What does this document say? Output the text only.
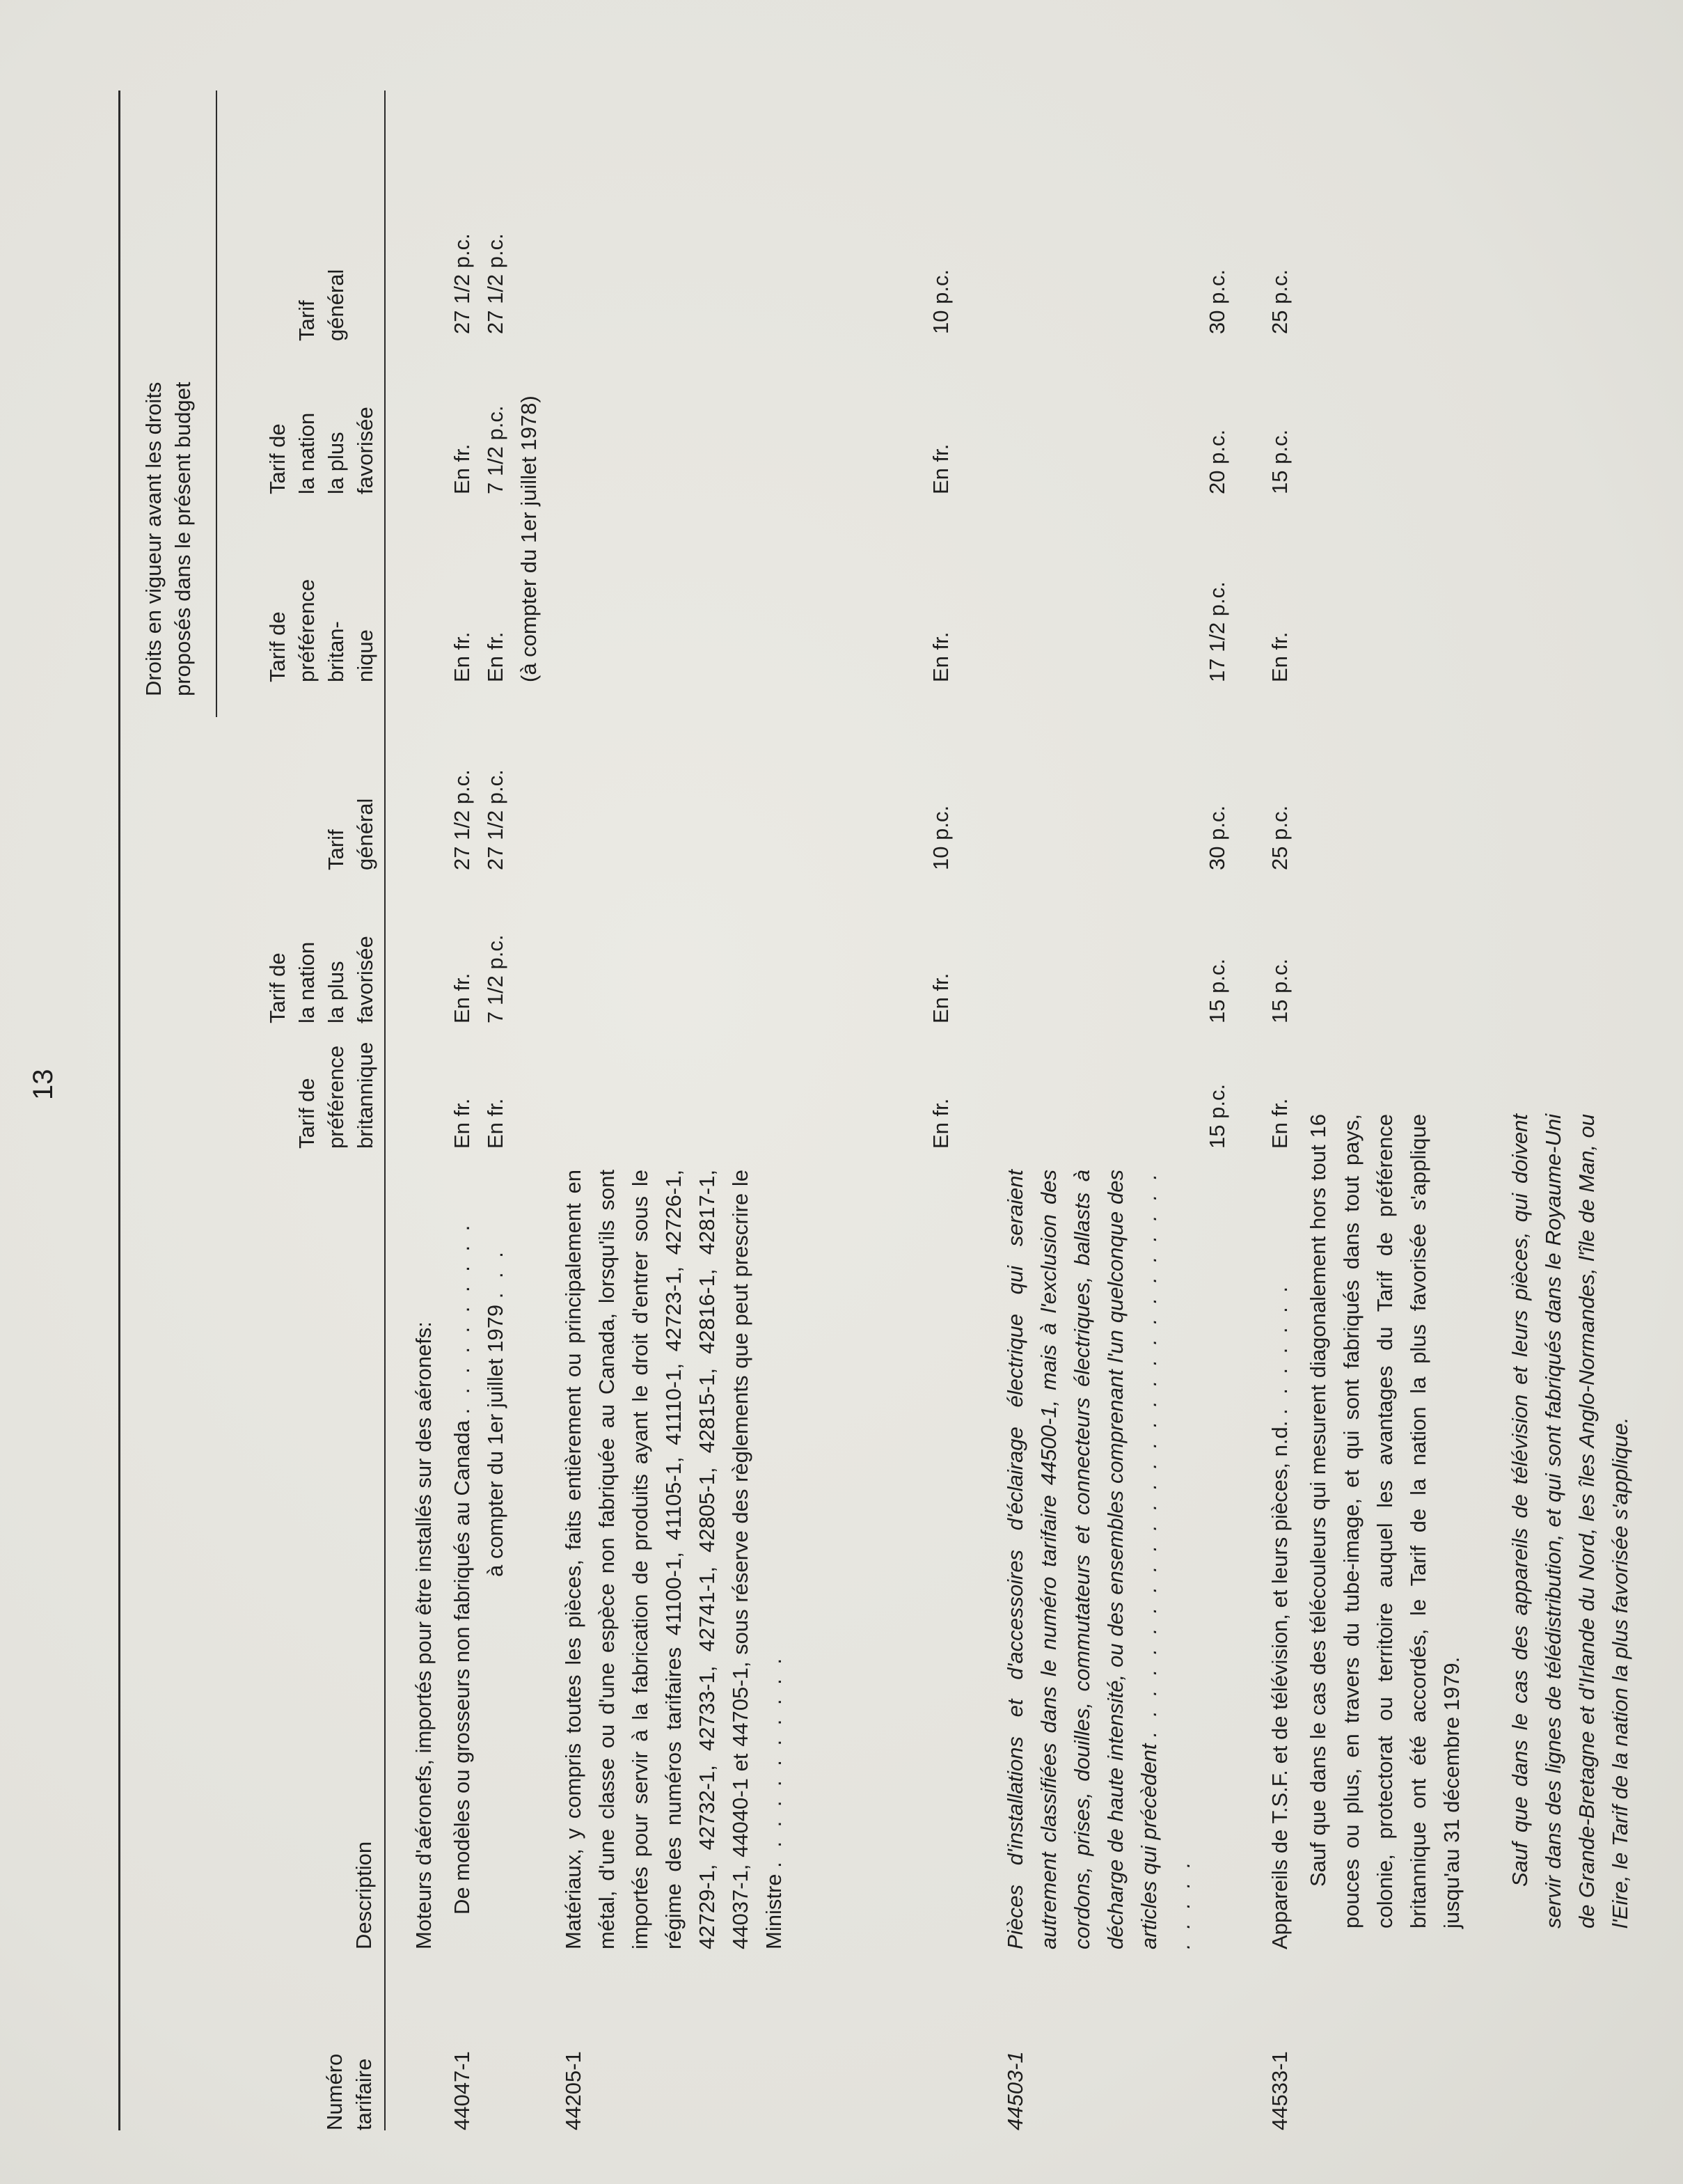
13
Droits en vigueur avant les droits proposés dans le présent budget
Numéro tarifaire
Description
Tarif de préférence britannique
Tarif de la nation la plus favorisée
Tarif général
Tarif de préférence britan- nique
Tarif de la nation la plus favorisée
Tarif général
Moteurs d'aéronefs, importés pour être installés sur des aéronefs:
44047-1
De modèles ou grosseurs non fabriqués au Canada . . . . . . . . . . à compter du 1er juillet 1979 . . .
En fr. En fr.
En fr. 7 1/2 p.c.
27 1/2 p.c. 27 1/2 p.c.
En fr. En fr.
En fr. 7 1/2 p.c.
27 1/2 p.c. 27 1/2 p.c.
(à compter du 1er juillet 1978)
44205-1
Matériaux, y compris toutes les pièces, faits entièrement ou principalement en métal, d'une classe ou d'une espèce non fabriquée au Canada, lorsqu'ils sont importés pour servir à la fabrication de produits ayant le droit d'entrer sous le régime des numéros tarifaires 41100-1, 41105-1, 41110-1, 42723-1, 42726-1, 42729-1, 42732-1, 42733-1, 42741-1, 42805-1, 42815-1, 42816-1, 42817-1, 44037-1, 44040-1 et 44705-1, sous réserve des règlements que peut prescrire le Ministre . . . . . . . . . . .
En fr.
En fr.
10 p.c.
En fr.
En fr.
10 p.c.
44503-1
Pièces d'installations et d'accessoires d'éclairage électrique qui seraient autrement classifiées dans le numéro tarifaire 44500-1, mais à l'exclusion des cordons, prises, douilles, commutateurs et connecteurs électriques, ballasts à décharge de haute intensité, ou des ensembles comprenant l'un quelconque des articles qui précèdent . . . . . . . . . . . . . . . . . . . . . . . . . . . . . . . . .
15 p.c.
15 p.c.
30 p.c.
17 1/2 p.c.
20 p.c.
30 p.c.
44533-1
Appareils de T.S.F. et de télévision, et leurs pièces, n.d. . . . . . . .
En fr.
15 p.c.
25 p.c.
En fr.
15 p.c.
25 p.c.
Sauf que dans le cas des télécouleurs qui mesurent diagonalement hors tout 16 pouces ou plus, en travers du tube-image, et qui sont fabriqués dans tout pays, colonie, protectorat ou territoire auquel les avantages du Tarif de préférence britannique ont été accordés, le Tarif de la nation la plus favorisée s'applique jusqu'au 31 décembre 1979. Sauf que dans le cas des appareils de télévision et leurs pièces, qui doivent servir dans des lignes de télédistribution, et qui sont fabriqués dans le Royaume-Uni de Grande-Bretagne et d'Irlande du Nord, les îles Anglo-Normandes, l'île de Man, ou l'Eire, le Tarif de la nation la plus favorisée s'applique.
